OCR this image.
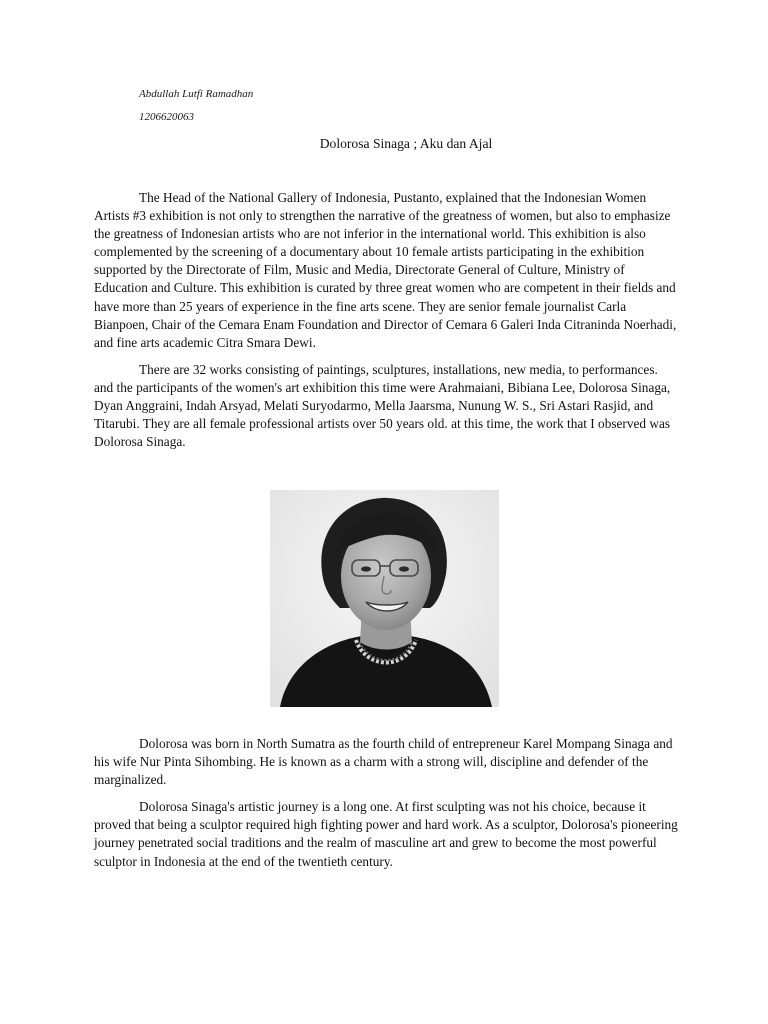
Abdullah Lutfi Ramadhan
1206620063
Dolorosa Sinaga ; Aku dan Ajal

The Head of the National Gallery of Indonesia, Pustanto, explained that the Indonesian Women Artists #3 exhibition is not only to strengthen the narrative of the greatness of women, but also to emphasize the greatness of Indonesian artists who are not inferior in the international world. This exhibition is also complemented by the screening of a documentary about 10 female artists participating in the exhibition supported by the Directorate of Film, Music and Media, Directorate General of Culture, Ministry of Education and Culture. This exhibition is curated by three great women who are competent in their fields and have more than 25 years of experience in the fine arts scene. They are senior female journalist Carla Bianpoen, Chair of the Cemara Enam Foundation and Director of Cemara 6 Galeri Inda Citraninda Noerhadi, and fine arts academic Citra Smara Dewi.

There are 32 works consisting of paintings, sculptures, installations, new media, to performances. and the participants of the women's art exhibition this time were Arahmaiani, Bibiana Lee, Dolorosa Sinaga, Dyan Anggraini, Indah Arsyad, Melati Suryodarmo, Mella Jaarsma, Nunung W. S., Sri Astari Rasjid, and Titarubi. They are all female professional artists over 50 years old. at this time, the work that I observed was Dolorosa Sinaga.

Dolorosa was born in North Sumatra as the fourth child of entrepreneur Karel Mompang Sinaga and his wife Nur Pinta Sihombing. He is known as a charm with a strong will, discipline and defender of the marginalized.

Dolorosa Sinaga's artistic journey is a long one. At first sculpting was not his choice, because it proved that being a sculptor required high fighting power and hard work. As a sculptor, Dolorosa's pioneering journey penetrated social traditions and the realm of masculine art and grew to become the most powerful sculptor in Indonesia at the end of the twentieth century.
